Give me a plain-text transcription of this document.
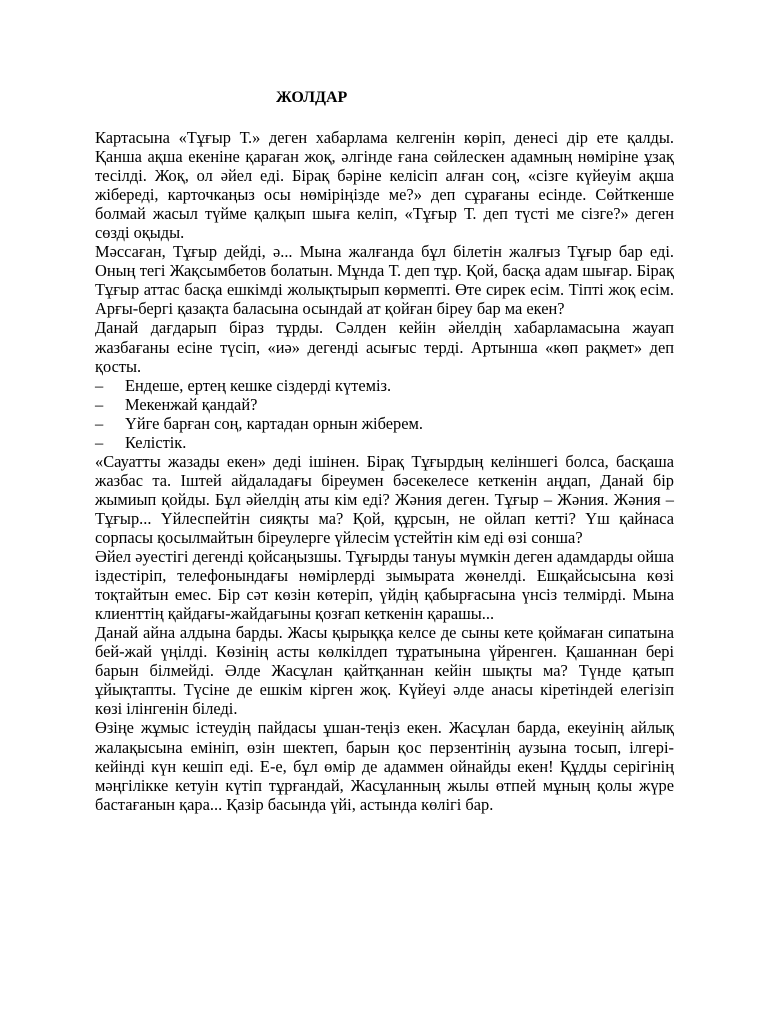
ЖОЛДАР

Картасына «Тұғыр Т.» деген хабарлама келгенін көріп, денесі дір ете қалды. Қанша ақша екеніне қараған жоқ, әлгінде ғана сөйлескен адамның нөміріне ұзақ тесілді. Жоқ, ол әйел еді. Бірақ бәріне келісіп алған соң, «сізге күйеуім ақша жібереді, карточкаңыз осы нөміріңізде ме?» деп сұрағаны есінде. Сөйткенше болмай жасыл түйме қалқып шыға келіп, «Тұғыр Т. деп түсті ме сізге?» деген сөзді оқыды.

Мәссаған, Тұғыр дейді, ә... Мына жалғанда бұл білетін жалғыз Тұғыр бар еді. Оның тегі Жақсымбетов болатын. Мұнда Т. деп тұр. Қой, басқа адам шығар. Бірақ Тұғыр аттас басқа ешкімді жолықтырып көрмепті. Өте сирек есім. Тіпті жоқ есім. Арғы-бергі қазақта баласына осындай ат қойған біреу бар ма екен?

Данай дағдарып біраз тұрды. Сәлден кейін әйелдің хабарламасына жауап жазбағаны есіне түсіп, «иә» дегенді асығыс терді. Артынша «көп рақмет» деп қосты.

–	Ендеше, ертең кешке сіздерді күтеміз.
–	Мекенжай қандай?
–	Үйге барған соң, картадан орнын жіберем.
–	Келістік.

«Сауатты жазады екен» деді ішінен. Бірақ Тұғырдың келіншегі болса, басқаша жазбас та. Іштей айдаладағы біреумен бәсекелесе кеткенін аңдап, Данай бір жымиып қойды. Бұл әйелдің аты кім еді? Жәния деген. Тұғыр – Жәния. Жәния – Тұғыр... Үйлеспейтін сияқты ма? Қой, құрсын, не ойлап кетті? Үш қайнаса сорпасы қосылмайтын біреулерге үйлесім үстейтін кім еді өзі сонша?

Әйел әуестігі дегенді қойсаңызшы. Тұғырды тануы мүмкін деген адамдарды ойша іздестіріп, телефонындағы нөмірлерді зымырата жөнелді. Ешқайсысына көзі тоқтайтын емес. Бір сәт көзін көтеріп, үйдің қабырғасына үнсіз телмірді. Мына клиенттің қайдағы-жайдағыны қозғап кеткенін қарашы...

Данай айна алдына барды. Жасы қырыққа келсе де сыны кете қоймаған сипатына бей-жай үңілді. Көзінің асты көлкілдеп тұратынына үйренген. Қашаннан бері барын білмейді. Әлде Жасұлан қайтқаннан кейін шықты ма? Түнде қатып ұйықтапты. Түсіне де ешкім кірген жоқ. Күйеуі әлде анасы кіретіндей елегізіп көзі ілінгенін біледі.

Өзіңе жұмыс істеудің пайдасы ұшан-теңіз екен. Жасұлан барда, екеуінің айлық жалақысына емініп, өзін шектеп, барын қос перзентінің аузына тосып, ілгері-кейінді күн кешіп еді. Е-е, бұл өмір де адаммен ойнайды екен! Құдды серігінің мәңгілікке кетуін күтіп тұрғандай, Жасұланның жылы өтпей мұның қолы жүре бастағанын қара... Қазір басында үйі, астында көлігі бар.
